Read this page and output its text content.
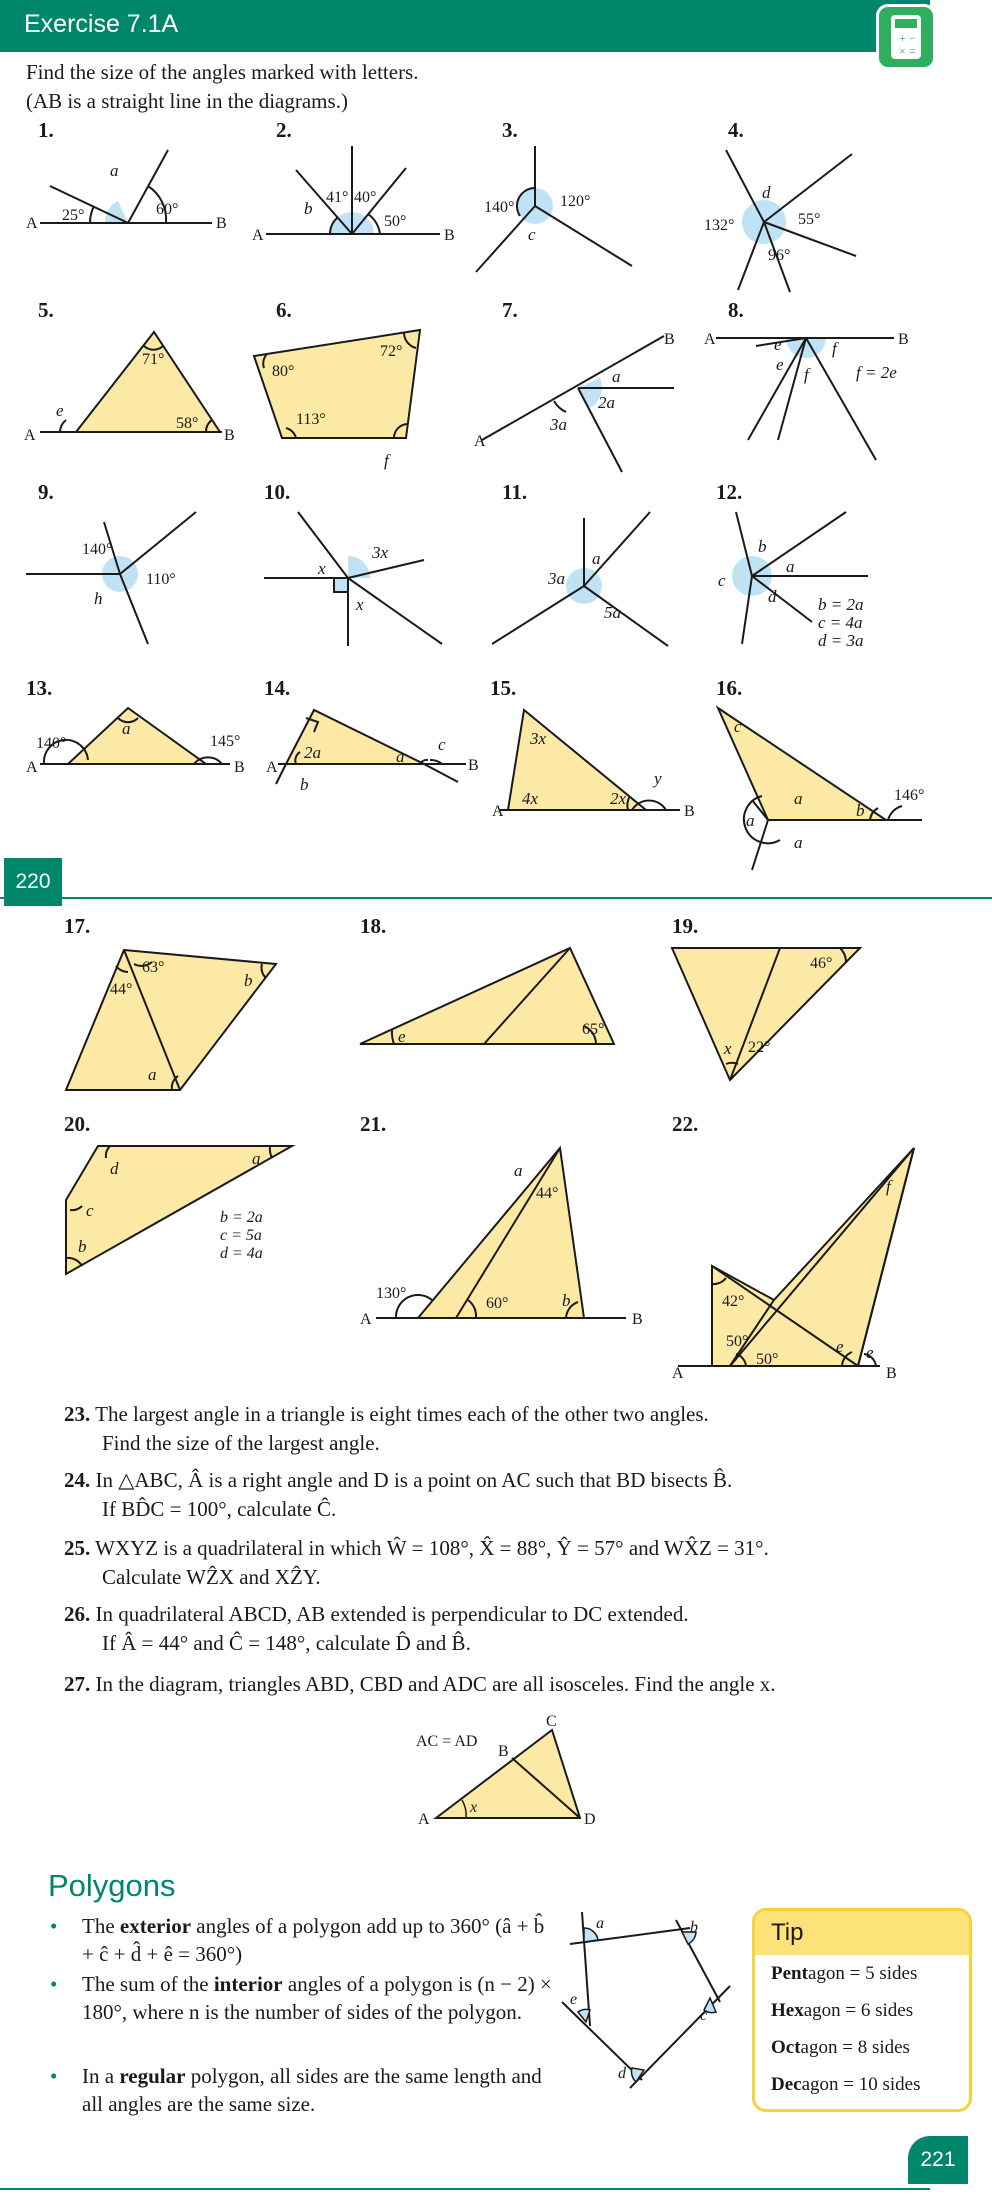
Exercise 7.1A	+ −
× =
Find the size of the angles marked with letters.
(AB is a straight line in the diagrams.)
1.	2.	3.	4.
5.	6.	7.	8.
9.	10.	11.	12.
13.	14.	15.	16.
a
b
c
d
e
f
a
2a
3a
e
e
f
f
h
x
x
3x	a
3a
5a
b
a
c
d b = 2a
c = 4a
d = 3a
a
2a
b
a
c	3x
4x	2x
y
c
a
b
a
a
f = 2e
A	B
25°	60°
A	B
41° 40°
50°
140°	120°
132°	55°
96°
A	B
71°
58°
80°
72°
113°
A
B A	B
140°
110°
A	B
140°	145°
A	B
A	B
146°
220
17.	18.	19.
20.	21.	22.
63°
44°
65°
46°
22°
b = 2a
c = 5a
d = 4a
44°
130°
60°
A	B
42°
50°
50°
A	B
b
a
e
x
d
a
c
b
a
b
f
e e
23. The largest angle in a triangle is eight times each of the other two angles.
Find the size of the largest angle.
24. In △ABC, Â is a right angle and D is a point on AC such that BD bisects B̂.
If BD̂C = 100°, calculate Ĉ.
25. WXYZ is a quadrilateral in which Ŵ = 108°, X̂ = 88°, Ŷ = 57° and WX̂Z = 31°.
Calculate WẐX and XẐY.
26. In quadrilateral ABCD, AB extended is perpendicular to DC extended.
If Â = 44° and Ĉ = 148°, calculate D̂ and B̂.
27. In the diagram, triangles ABD, CBD and ADC are all isosceles. Find the angle x.
AC = AD
C
B
A	D
x
Polygons
•	The exterior angles of a polygon add up to 360° (â + b̂ + ĉ + d̂ + ê = 360°)
•	The sum of the interior angles of a polygon is (n − 2) × 180°, where n is the number of sides of the polygon.
•	In a regular polygon, all sides are the same length and all angles are the same size.
a	b
c
d
e
Tip
Pentagon = 5 sides
Hexagon = 6 sides
Octagon = 8 sides
Decagon = 10 sides
221
